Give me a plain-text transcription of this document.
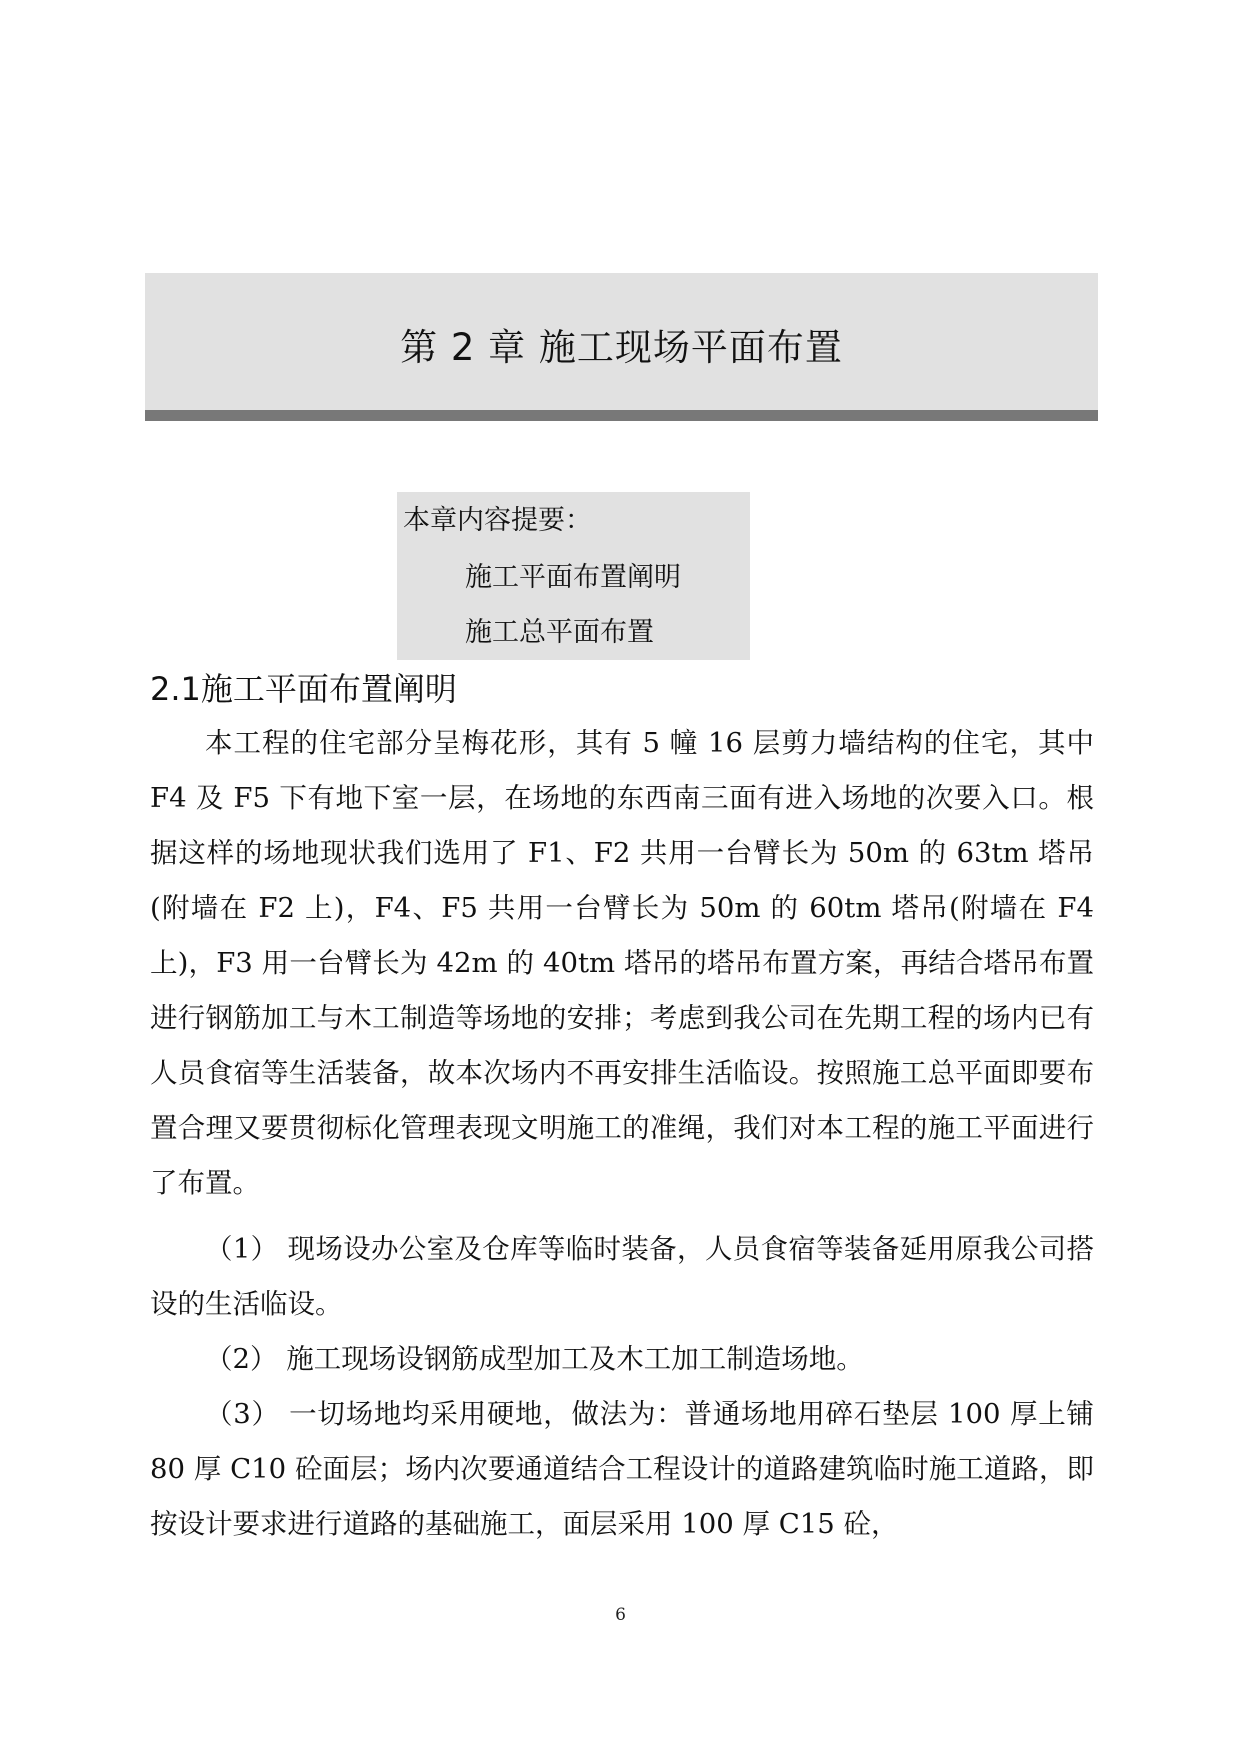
第 2 章 施工现场平面布置
本章内容提要：
施工平面布置阐明
施工总平面布置
2.1施工平面布置阐明

本工程的住宅部分呈梅花形，其有 5 幢 16 层剪力墙结构的住宅，其中 F4 及 F5 下有地下室一层，在场地的东西南三面有进入场地的次要入口。根据这样的场地现状我们选用了 F1、F2 共用一台臂长为 50m 的 63tm 塔吊(附墙在 F2 上)，F4、F5 共用一台臂长为 50m 的 60tm 塔吊(附墙在 F4 上)，F3 用一台臂长为 42m 的 40tm 塔吊的塔吊布置方案，再结合塔吊布置进行钢筋加工与木工制造等场地的安排；考虑到我公司在先期工程的场内已有人员食宿等生活装备，故本次场内不再安排生活临设。按照施工总平面即要布置合理又要贯彻标化管理表现文明施工的准绳，我们对本工程的施工平面进行了布置。

（1） 现场设办公室及仓库等临时装备，人员食宿等装备延用原我公司搭设的生活临设。

（2） 施工现场设钢筋成型加工及木工加工制造场地。

（3） 一切场地均采用硬地，做法为：普通场地用碎石垫层 100 厚上铺 80 厚 C10 砼面层；场内次要通道结合工程设计的道路建筑临时施工道路，即按设计要求进行道路的基础施工，面层采用 100 厚 C15 砼，

6
